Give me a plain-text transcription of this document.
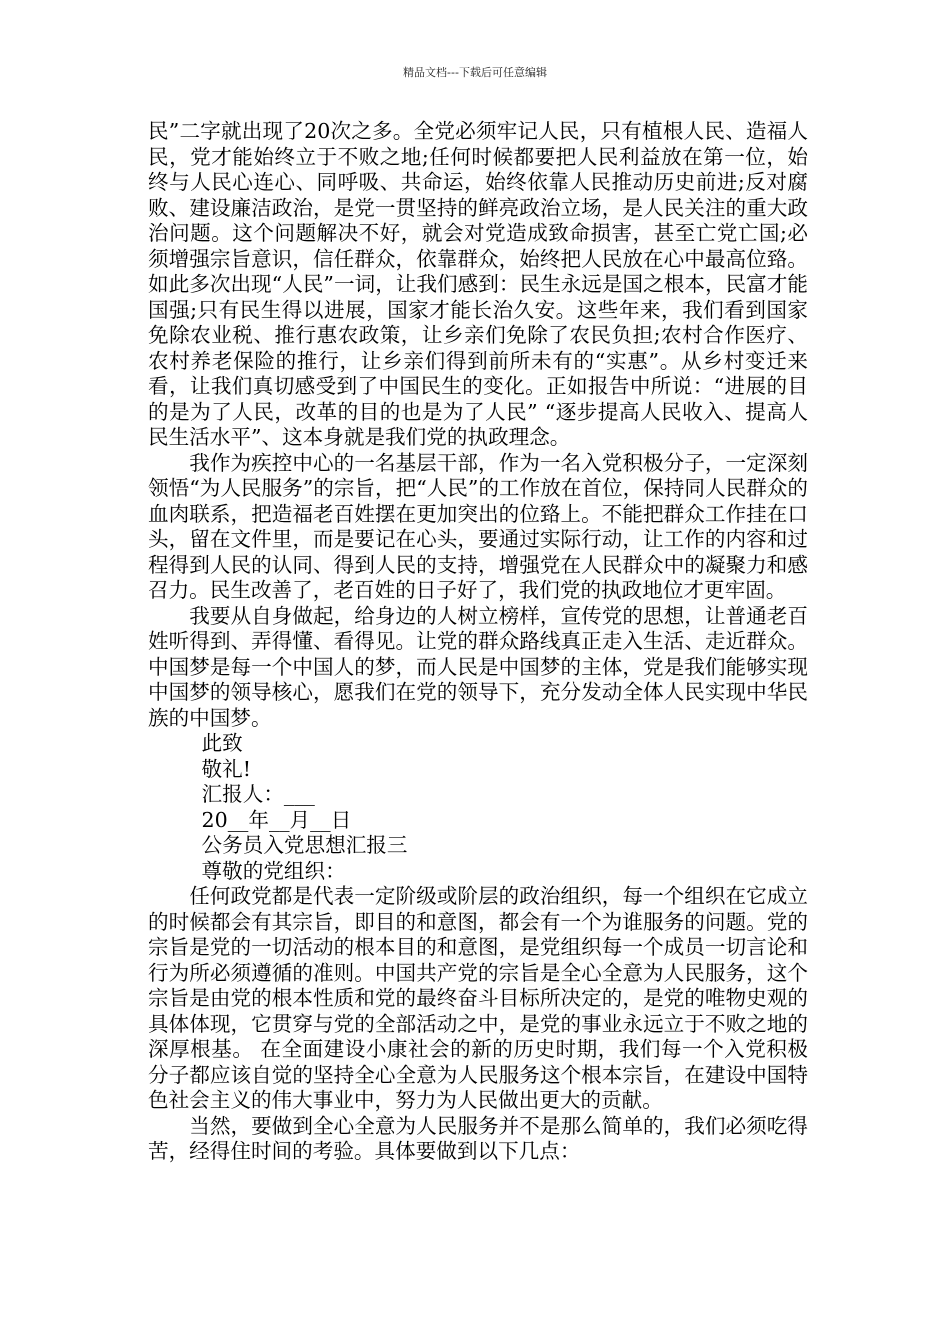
精品文档---下载后可任意编辑

民”二字就出现了20次之多。全党必须牢记人民，只有植根人民、造福人民，党才能始终立于不败之地;任何时候都要把人民利益放在第一位，始终与人民心连心、同呼吸、共命运，始终依靠人民推动历史前进;反对腐败、建设廉洁政治，是党一贯坚持的鲜亮政治立场，是人民关注的重大政治问题。这个问题解决不好，就会对党造成致命损害，甚至亡党亡国;必须增强宗旨意识，信任群众，依靠群众，始终把人民放在心中最高位臵。如此多次出现“人民”一词，让我们感到：民生永远是国之根本，民富才能国强;只有民生得以进展，国家才能长治久安。这些年来，我们看到国家免除农业税、推行惠农政策，让乡亲们免除了农民负担;农村合作医疗、农村养老保险的推行，让乡亲们得到前所未有的“实惠”。从乡村变迁来看，让我们真切感受到了中国民生的变化。正如报告中所说：“进展的目的是为了人民，改革的目的也是为了人民” “逐步提高人民收入、提高人民生活水平”、这本身就是我们党的执政理念。

我作为疾控中心的一名基层干部，作为一名入党积极分子，一定深刻领悟“为人民服务”的宗旨，把“人民”的工作放在首位，保持同人民群众的血肉联系，把造福老百姓摆在更加突出的位臵上。不能把群众工作挂在口头，留在文件里，而是要记在心头，要通过实际行动，让工作的内容和过程得到人民的认同、得到人民的支持，增强党在人民群众中的凝聚力和感召力。民生改善了，老百姓的日子好了，我们党的执政地位才更牢固。

我要从自身做起，给身边的人树立榜样，宣传党的思想，让普通老百姓听得到、弄得懂、看得见。让党的群众路线真正走入生活、走近群众。中国梦是每一个中国人的梦，而人民是中国梦的主体，党是我们能够实现中国梦的领导核心，愿我们在党的领导下，充分发动全体人民实现中华民族的中国梦。

此致

敬礼!

汇报人：___

20__年__月__日

公务员入党思想汇报三

尊敬的党组织：

任何政党都是代表一定阶级或阶层的政治组织，每一个组织在它成立的时候都会有其宗旨，即目的和意图，都会有一个为谁服务的问题。党的宗旨是党的一切活动的根本目的和意图，是党组织每一个成员一切言论和行为所必须遵循的准则。中国共产党的宗旨是全心全意为人民服务，这个宗旨是由党的根本性质和党的最终奋斗目标所决定的，是党的唯物史观的具体体现，它贯穿与党的全部活动之中，是党的事业永远立于不败之地的深厚根基。 在全面建设小康社会的新的历史时期，我们每一个入党积极分子都应该自觉的坚持全心全意为人民服务这个根本宗旨，在建设中国特色社会主义的伟大事业中，努力为人民做出更大的贡献。

当然，要做到全心全意为人民服务并不是那么简单的，我们必须吃得苦，经得住时间的考验。具体要做到以下几点：
